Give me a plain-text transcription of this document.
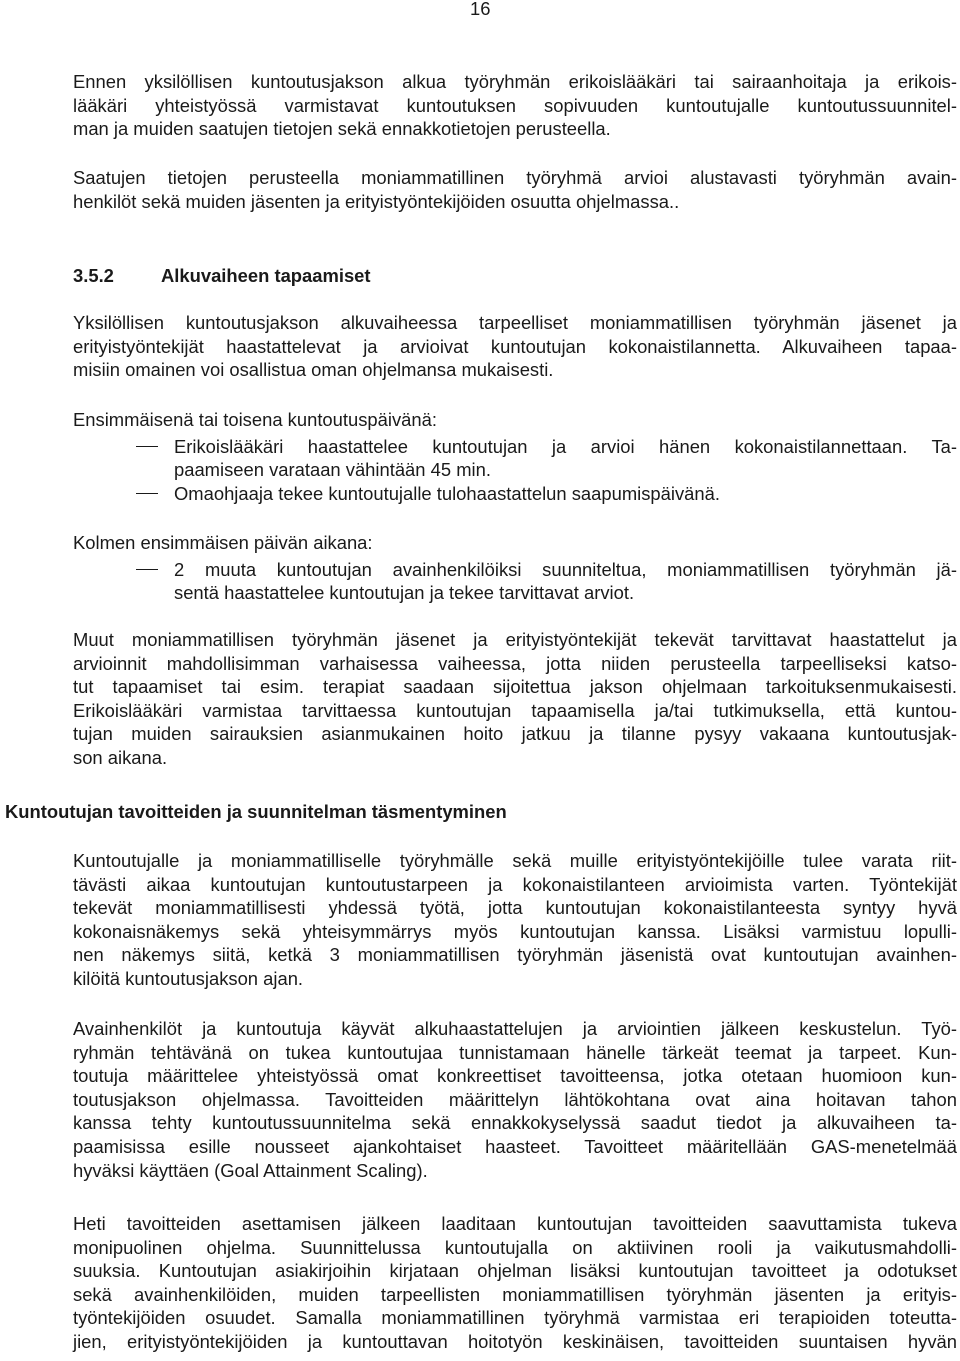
16
Ennen yksilöllisen kuntoutusjakson alkua työryhmän erikoislääkäri tai sairaanhoitaja ja erikois-
lääkäri yhteistyössä varmistavat kuntoutuksen sopivuuden kuntoutujalle kuntoutussuunnitel-
man ja muiden saatujen tietojen sekä ennakkotietojen perusteella.
Saatujen tietojen perusteella moniammatillinen työryhmä arvioi alustavasti työryhmän avain-
henkilöt sekä muiden jäsenten ja erityistyöntekijöiden osuutta ohjelmassa..
3.5.2	Alkuvaiheen tapaamiset
Yksilöllisen kuntoutusjakson alkuvaiheessa tarpeelliset moniammatillisen työryhmän jäsenet ja
erityistyöntekijät haastattelevat ja arvioivat kuntoutujan kokonaistilannetta. Alkuvaiheen tapaa-
misiin omainen voi osallistua oman ohjelmansa mukaisesti.
Ensimmäisenä tai toisena kuntoutuspäivänä:
Erikoislääkäri haastattelee kuntoutujan ja arvioi hänen kokonaistilannettaan. Ta-
paamiseen varataan vähintään 45 min.
Omaohjaaja tekee kuntoutujalle tulohaastattelun saapumispäivänä.
Kolmen ensimmäisen päivän aikana:
2 muuta kuntoutujan avainhenkilöiksi suunniteltua, moniammatillisen työryhmän jä-
sentä haastattelee kuntoutujan ja tekee tarvittavat arviot.
Muut moniammatillisen työryhmän jäsenet ja erityistyöntekijät tekevät tarvittavat haastattelut ja
arvioinnit mahdollisimman varhaisessa vaiheessa, jotta niiden perusteella tarpeelliseksi katso-
tut tapaamiset tai esim. terapiat saadaan sijoitettua jakson ohjelmaan tarkoituksenmukaisesti.
Erikoislääkäri varmistaa tarvittaessa kuntoutujan tapaamisella ja/tai tutkimuksella, että kuntou-
tujan muiden sairauksien asianmukainen hoito jatkuu ja tilanne pysyy vakaana kuntoutusjak-
son aikana.
Kuntoutujan tavoitteiden ja suunnitelman täsmentyminen
Kuntoutujalle ja moniammatilliselle työryhmälle sekä muille erityistyöntekijöille tulee varata riit-
tävästi aikaa kuntoutujan kuntoutustarpeen ja kokonaistilanteen arvioimista varten. Työntekijät
tekevät moniammatillisesti yhdessä työtä, jotta kuntoutujan kokonaistilanteesta syntyy hyvä
kokonaisnäkemys sekä yhteisymmärrys myös kuntoutujan kanssa. Lisäksi varmistuu lopulli-
nen näkemys siitä, ketkä 3 moniammatillisen työryhmän jäsenistä ovat kuntoutujan avainhen-
kilöitä kuntoutusjakson ajan.
Avainhenkilöt ja kuntoutuja käyvät alkuhaastattelujen ja arviointien jälkeen keskustelun. Työ-
ryhmän tehtävänä on tukea kuntoutujaa tunnistamaan hänelle tärkeät teemat ja tarpeet. Kun-
toutuja määrittelee yhteistyössä omat konkreettiset tavoitteensa, jotka otetaan huomioon kun-
toutusjakson ohjelmassa. Tavoitteiden määrittelyn lähtökohtana ovat aina hoitavan tahon
kanssa tehty kuntoutussuunnitelma sekä ennakkokyselyssä saadut tiedot ja alkuvaiheen ta-
paamisissa esille nousseet ajankohtaiset haasteet. Tavoitteet määritellään GAS-menetelmää
hyväksi käyttäen (Goal Attainment Scaling).
Heti tavoitteiden asettamisen jälkeen laaditaan kuntoutujan tavoitteiden saavuttamista tukeva
monipuolinen ohjelma. Suunnittelussa kuntoutujalla on aktiivinen rooli ja vaikutusmahdolli-
suuksia. Kuntoutujan asiakirjoihin kirjataan ohjelman lisäksi kuntoutujan tavoitteet ja odotukset
sekä avainhenkilöiden, muiden tarpeellisten moniammatillisen työryhmän jäsenten ja erityis-
työntekijöiden osuudet. Samalla moniammatillinen työryhmä varmistaa eri terapioiden toteutta-
jien, erityistyöntekijöiden ja kuntouttavan hoitotyön keskinäisen, tavoitteiden suuntaisen hyvän
